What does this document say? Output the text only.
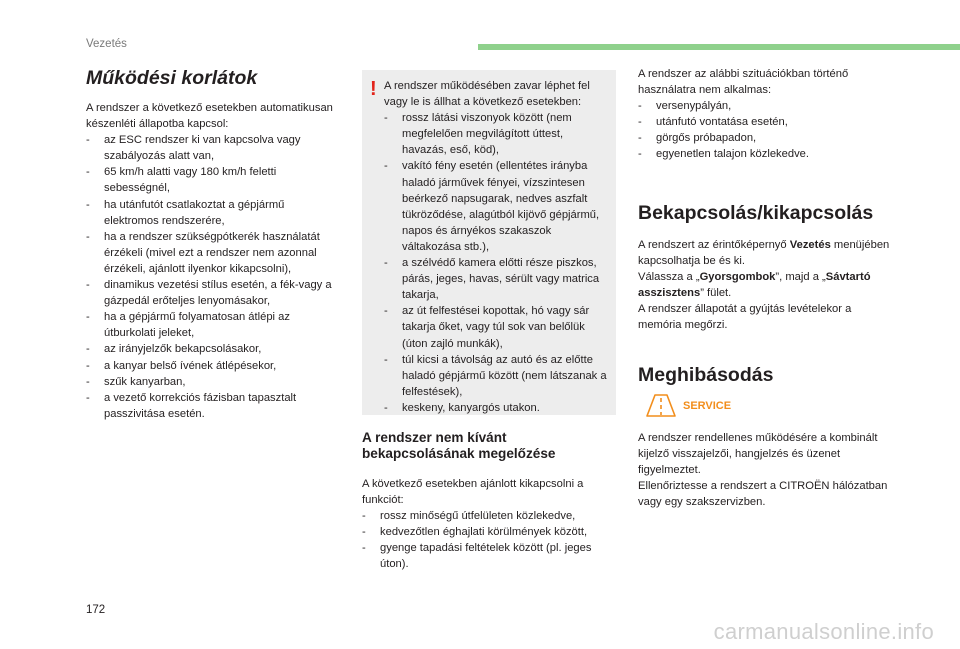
Vezetés
Működési korlátok

A rendszer a következő esetekben automatikusan készenléti állapotba kapcsol:

- az ESC rendszer ki van kapcsolva vagy szabályozás alatt van,
- 65 km/h alatti vagy 180 km/h feletti sebességnél,
- ha utánfutót csatlakoztat a gépjármű elektromos rendszerére,
- ha a rendszer szükségpótkerék használatát érzékeli (mivel ezt a rendszer nem azonnal érzékeli, ajánlott ilyenkor kikapcsolni),
- dinamikus vezetési stílus esetén, a fék-vagy a gázpedál erőteljes lenyomásakor,
- ha a gépjármű folyamatosan átlépi az útburkolati jeleket,
- az irányjelzők bekapcsolásakor,
- a kanyar belső ívének átlépésekor,
- szűk kanyarban,
- a vezető korrekciós fázisban tapasztalt passzivitása esetén.
! A rendszer működésében zavar léphet fel vagy le is állhat a következő esetekben:

- rossz látási viszonyok között (nem megfelelően megvilágított úttest, havazás, eső, köd),
- vakító fény esetén (ellentétes irányba haladó járművek fényei, vízszintesen beérkező napsugarak, nedves aszfalt tükröződése, alagútból kijövő gépjármű, napos és árnyékos szakaszok váltakozása stb.),
- a szélvédő kamera előtti része piszkos, párás, jeges, havas, sérült vagy matrica takarja,
- az út felfestései kopottak, hó vagy sár takarja őket, vagy túl sok van belőlük (úton zajló munkák),
- túl kicsi a távolság az autó és az előtte haladó gépjármű között (nem látszanak a felfestések),
- keskeny, kanyargós utakon.
A rendszer nem kívánt bekapcsolásának megelőzése

A következő esetekben ajánlott kikapcsolni a funkciót:

- rossz minőségű útfelületen közlekedve,
- kedvezőtlen éghajlati körülmények között,
- gyenge tapadási feltételek között (pl. jeges úton).

A rendszer az alábbi szituációkban történő használatra nem alkalmas:

- versenypályán,
- utánfutó vontatása esetén,
- görgős próbapadon,
- egyenetlen talajon közlekedve.
Bekapcsolás/kikapcsolás

A rendszert az érintőképernyő Vezetés menüjében kapcsolhatja be és ki.

Válassza a „Gyorsgombok”, majd a „Sávtartó asszisztens” fület.

A rendszer állapotát a gyújtás levételekor a memória megőrzi.

Meghibásodás
SERVICE

A rendszer rendellenes működésére a kombinált kijelző visszajelzői, hangjelzés és üzenet figyelmeztet.

Ellenőriztesse a rendszert a CITROËN hálózatban vagy egy szakszervizben.

172
carmanualsonline.info
